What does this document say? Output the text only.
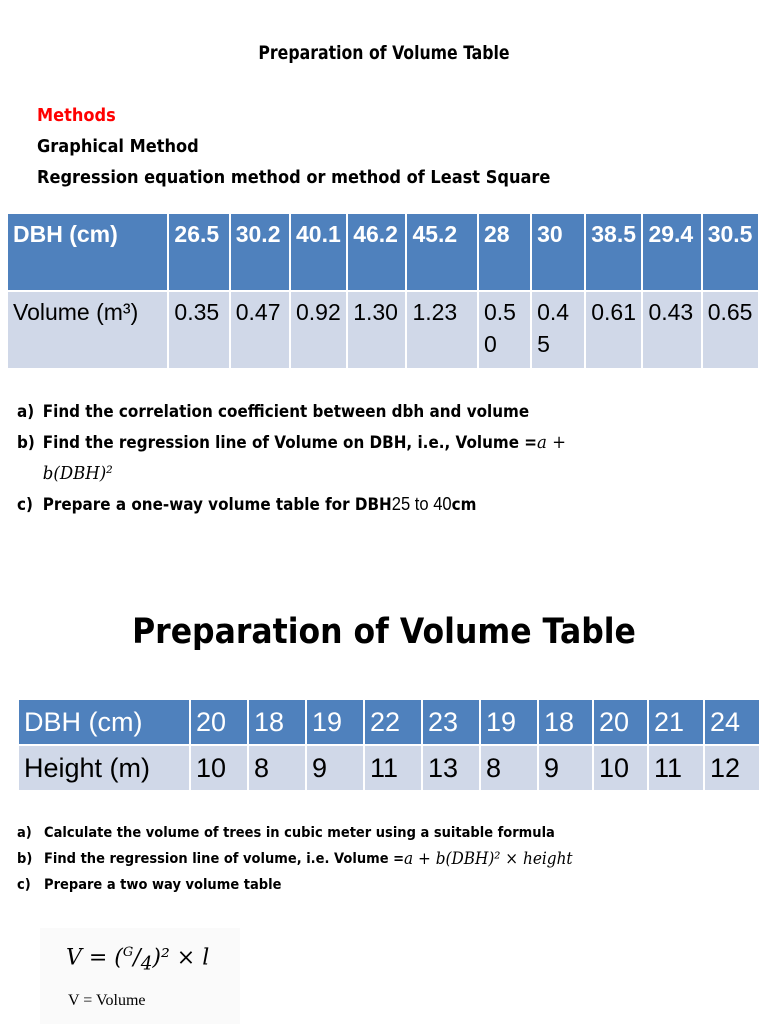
Preparation of Volume Table
Methods
Graphical Method
Regression equation method or method of Least Square
DBH (cm)	26.5	30.2	40.1	46.2	45.2	28	30	38.5	29.4	30.5
Volume (m³)	0.35	0.47	0.92	1.30	1.23	0.50	0.45	0.61	0.43	0.65
a) Find the correlation coefficient between dbh and volume
b) Find the regression line of Volume on DBH, i.e., Volume = a +
b(DBH)²
c) Prepare a one-way volume table for DBH 25 to 40 cm
Preparation of Volume Table
DBH (cm)	20	18	19	22	23	19	18	20	21	24
Height (m)	10	8	9	11	13	8	9	10	11	12
a) Calculate the volume of trees in cubic meter using a suitable formula
b) Find the regression line of volume, i.e. Volume = a + b(DBH)² × height
c) Prepare a two way volume table
$V = (^G/_4)^2 \times l$
V = Volume
